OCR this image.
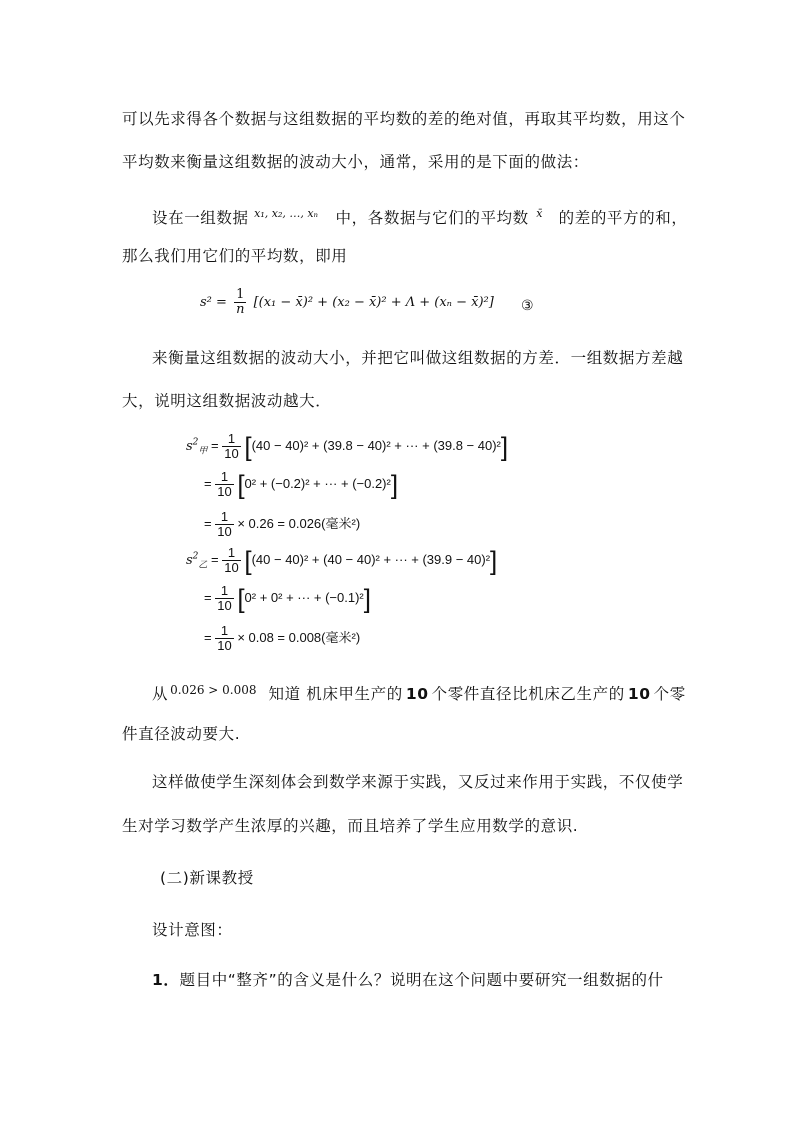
可以先求得各个数据与这组数据的平均数的差的绝对值，再取其平均数，用这个
平均数来衡量这组数据的波动大小，通常，采用的是下面的做法：
设在一组数据 $^{x_1, x_2, \dots, x_n}$ 中，各数据与它们的平均数 $^{x̄}$ 的差的平方的和，
那么我们用它们的平均数，即用
$s^2 = \frac{1}{n} [(x_1$ − x̄)² + (x₂ − x̄)² + Λ + (xₙ − x̄)²] ③
来衡量这组数据的波动大小，并把它叫做这组数据的方差．一组数据方差越
大，说明这组数据波动越大．
$s^2_甲 = \frac{1}{10} [(40 - 40)^2 + (39.8 - 40)^2$ + ··· + (39.8 − 40)²]
= $\frac{1}{10} [0^2 + (-0.2)^2$ + ··· + (−0.2)²]
= $\frac{1}{10} \times 0.26 = 0.026$(毫米²)
$s^2_乙 = \frac{1}{10} [(40 - 40)^2 + (40 - 40)^2$ + ··· + (39.9 − 40)²]
= $\frac{1}{10} [0^2 + 0^2$ + ··· + (−0.1)²]
= $\frac{1}{10} \times 0.08 = 0.008$(毫米²)
从 $^{0.026 > 0.008}$ 知道 机床甲生产的 10 个零件直径比机床乙生产的 10 个零
件直径波动要大.
这样做使学生深刻体会到数学来源于实践，又反过来作用于实践，不仅使学
生对学习数学产生浓厚的兴趣，而且培养了学生应用数学的意识.
(二)新课教授
设计意图：
1．题目中“整齐”的含义是什么？说明在这个问题中要研究一组数据的什
